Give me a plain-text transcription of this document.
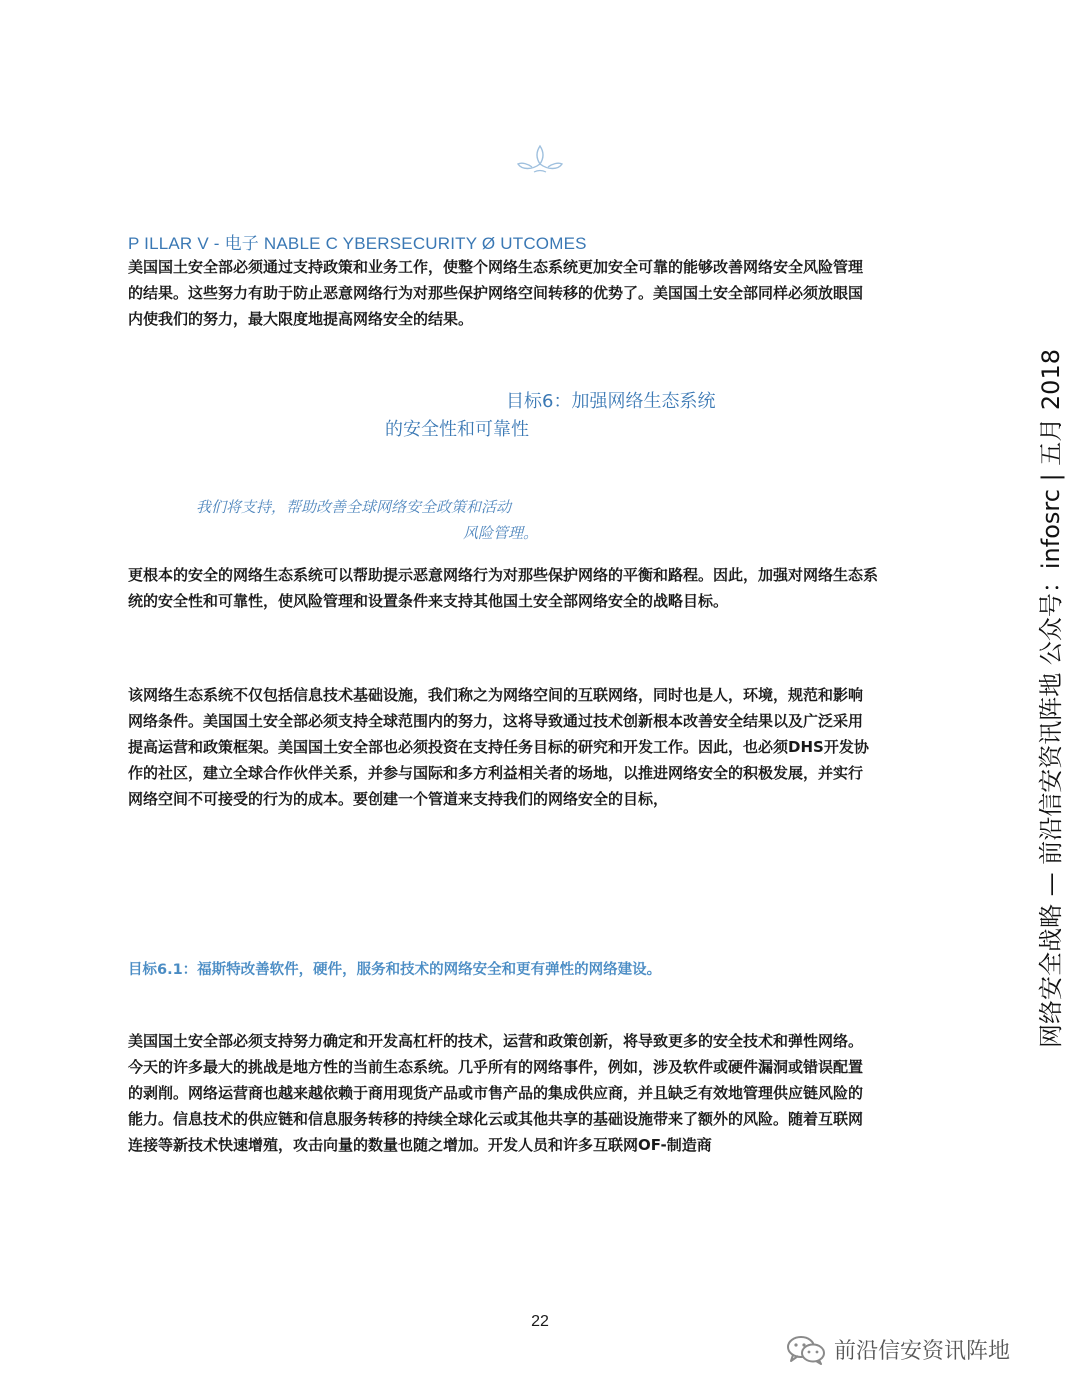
P ILLAR V - 电子 NABLE C YBERSECURITY Ø UTCOMES
美国国土安全部必须通过支持政策和业务工作，使整个网络生态系统更加安全可靠的能够改善网络安全风险管理
的结果。这些努力有助于防止恶意网络行为对那些保护网络空间转移的优势了。美国国土安全部同样必须放眼国
内使我们的努力，最大限度地提高网络安全的结果。
目标6：加强网络生态系统
的安全性和可靠性
我们将支持，帮助改善全球网络安全政策和活动
风险管理。
更根本的安全的网络生态系统可以帮助提示恶意网络行为对那些保护网络的平衡和路程。因此，加强对网络生态系
统的安全性和可靠性，使风险管理和设置条件来支持其他国土安全部网络安全的战略目标。
该网络生态系统不仅包括信息技术基础设施，我们称之为网络空间的互联网络，同时也是人，环境，规范和影响
网络条件。美国国土安全部必须支持全球范围内的努力，这将导致通过技术创新根本改善安全结果以及广泛采用
提高运营和政策框架。美国国土安全部也必须投资在支持任务目标的研究和开发工作。因此，也必须DHS开发协
作的社区，建立全球合作伙伴关系，并参与国际和多方利益相关者的场地，以推进网络安全的积极发展，并实行
网络空间不可接受的行为的成本。要创建一个管道来支持我们的网络安全的目标，
目标6.1：福斯特改善软件，硬件，服务和技术的网络安全和更有弹性的网络建设。
美国国土安全部必须支持努力确定和开发高杠杆的技术，运营和政策创新，将导致更多的安全技术和弹性网络。
今天的许多最大的挑战是地方性的当前生态系统。几乎所有的网络事件，例如，涉及软件或硬件漏洞或错误配置
的剥削。网络运营商也越来越依赖于商用现货产品或市售产品的集成供应商，并且缺乏有效地管理供应链风险的
能力。信息技术的供应链和信息服务转移的持续全球化云或其他共享的基础设施带来了额外的风险。随着互联网
连接等新技术快速增殖，攻击向量的数量也随之增加。开发人员和许多互联网OF-制造商
22
网络安全战略 — 前沿信安资讯阵地 公众号：infosrc | 五月 2018
前沿信安资讯阵地
